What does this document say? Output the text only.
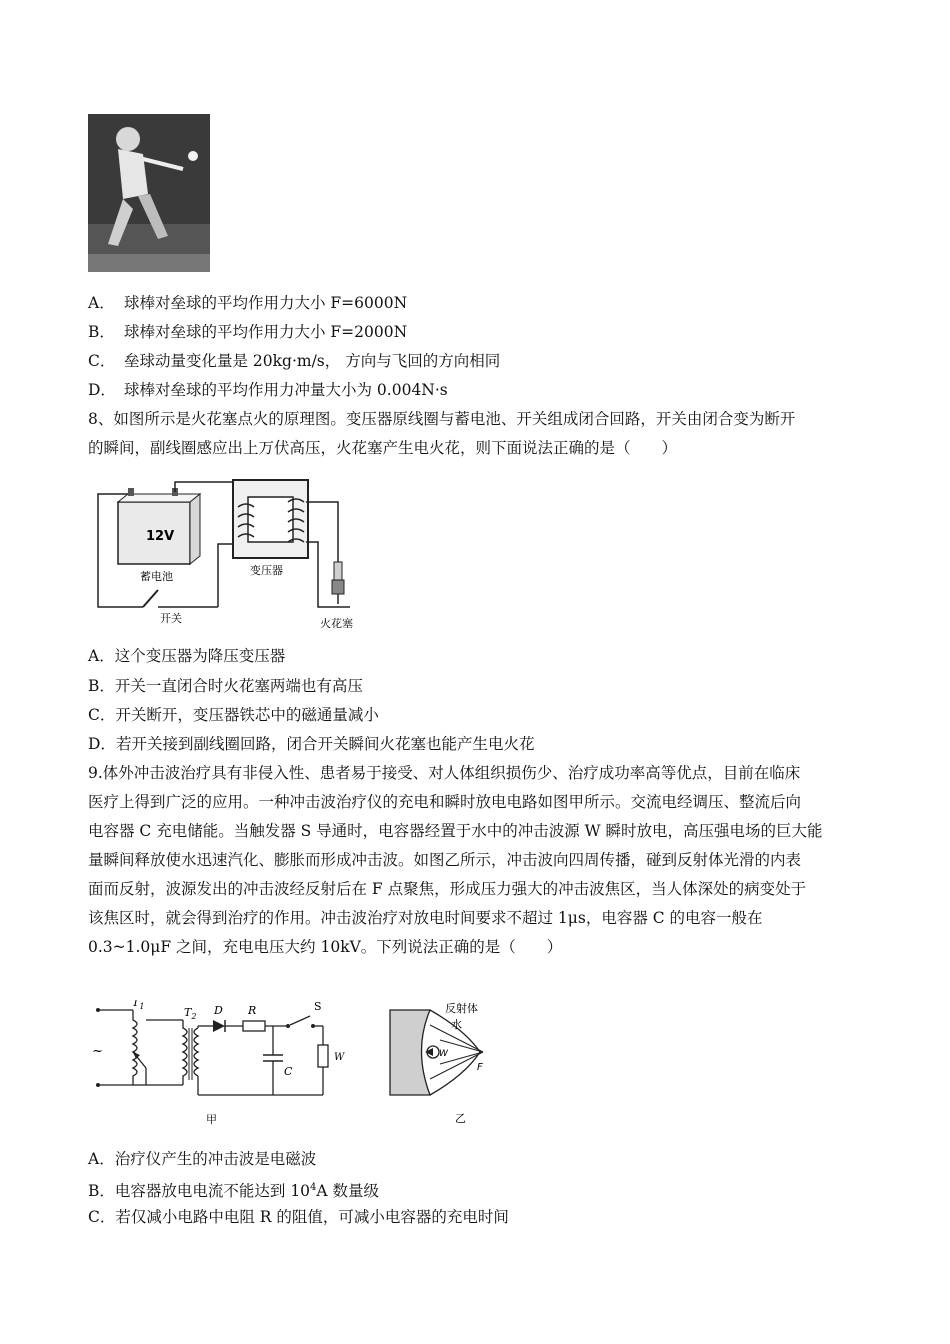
A． 球棒对垒球的平均作用力大小 F=6000N
B． 球棒对垒球的平均作用力大小 F=2000N
C． 垒球动量变化量是 20kg·m/s， 方向与飞回的方向相同
D． 球棒对垒球的平均作用力冲量大小为 0.004N·s
8、如图所示是火花塞点火的原理图。变压器原线圈与蓄电池、开关组成闭合回路，开关由闭合变为断开
的瞬间，副线圈感应出上万伏高压，火花塞产生电火花，则下面说法正确的是（　　）
开关
12V
蓄电池	变压器
火花塞
A．这个变压器为降压变压器
B．开关一直闭合时火花塞两端也有高压
C．开关断开，变压器铁芯中的磁通量减小
D．若开关接到副线圈回路，闭合开关瞬间火花塞也能产生电火花
9.体外冲击波治疗具有非侵入性、患者易于接受、对人体组织损伤少、治疗成功率高等优点，目前在临床
医疗上得到广泛的应用。一种冲击波治疗仪的充电和瞬时放电电路如图甲所示。交流电经调压、整流后向
电容器 C 充电储能。当触发器 S 导通时，电容器经置于水中的冲击波源 W 瞬时放电，高压强电场的巨大能
量瞬间释放使水迅速汽化、膨胀而形成冲击波。如图乙所示，冲击波向四周传播，碰到反射体光滑的内表
面而反射，波源发出的冲击波经反射后在 F 点聚焦，形成压力强大的冲击波焦区，当人体深处的病变处于
该焦区时，就会得到治疗的作用。冲击波治疗对放电时间要求不超过 1μs，电容器 C 的电容一般在
0.3~1.0μF 之间，充电电压大约 10kV。下列说法正确的是（　　）
~
$T_1$	$T_2$ D R	S
C
W
甲
W
F
反射体
水
乙
A．治疗仪产生的冲击波是电磁波
B．电容器放电电流不能达到 $10^4A$ 数量级
C．若仅减小电路中电阻 R 的阻值，可减小电容器的充电时间
